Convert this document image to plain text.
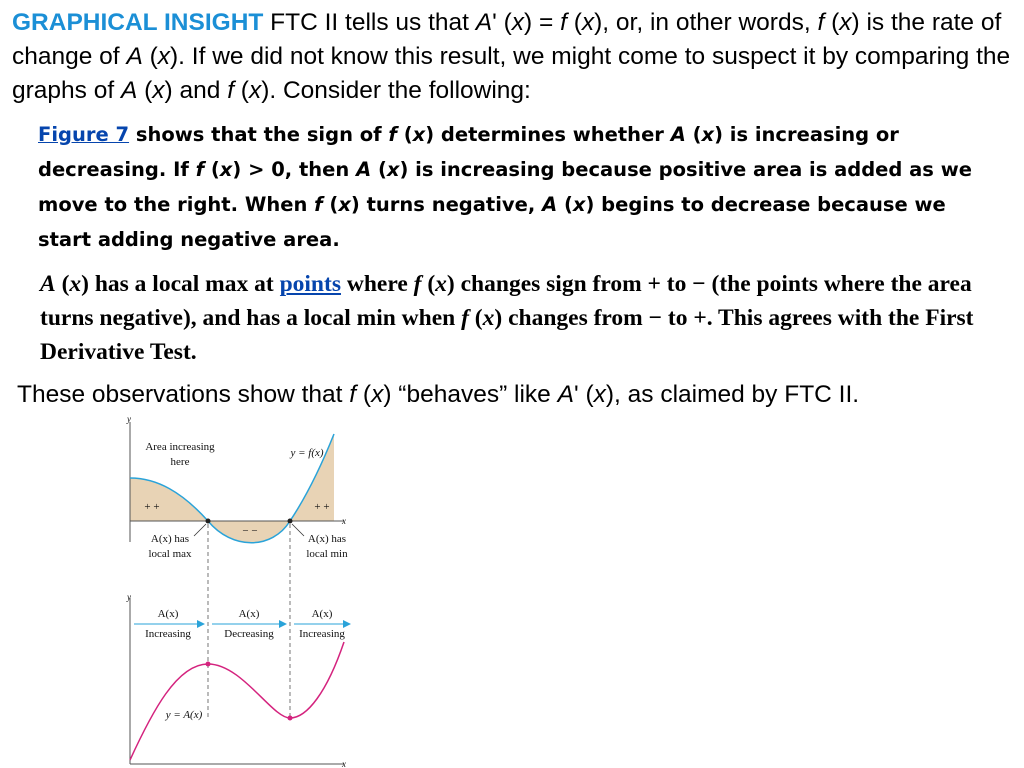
GRAPHICAL INSIGHT FTC II tells us that A' (x) = f (x), or, in other words, f (x) is the rate of change of A (x). If we did not know this result, we might come to suspect it by comparing the graphs of A (x) and f (x). Consider the following:
Figure 7 shows that the sign of f (x) determines whether A (x) is increasing or decreasing. If f (x) > 0, then A (x) is increasing because positive area is added as we move to the right. When f (x) turns negative, A (x) begins to decrease because we start adding negative area.
A (x) has a local max at points where f (x) changes sign from + to − (the points where the area turns negative), and has a local min when f (x) changes from − to +. This agrees with the First Derivative Test.
These observations show that f (x) “behaves” like A' (x), as claimed by FTC II.
y
x
Area increasing
here
y = f(x)
+ +
− −
+ +
A(x) has
local max
A(x) has
local min
y
x
A(x)	A(x)	A(x)
Increasing	Decreasing Increasing
y = A(x)
